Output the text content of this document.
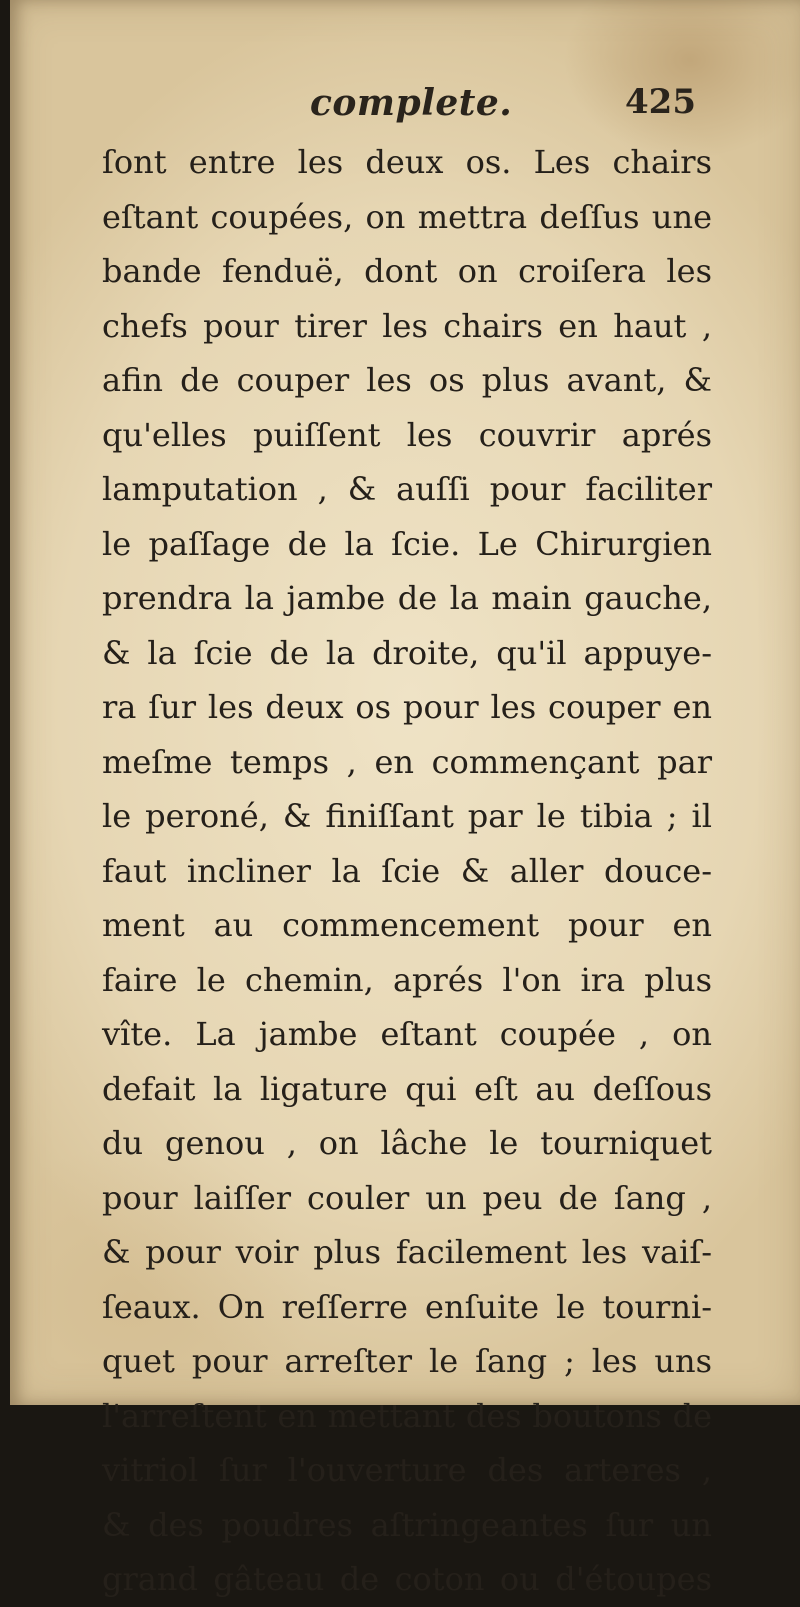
complete.	425
ſont entre les deux os. Les chairs
eſtant coupées, on mettra deſſus une
bande fenduë, dont on croiſera les
chefs pour tirer les chairs en haut ,
afin de couper les os plus avant, &
qu'elles puiſſent les couvrir aprés
lamputation , & auſſi pour faciliter
le paſſage de la ſcie. Le Chirurgien
prendra la jambe de la main gauche,
& la ſcie de la droite, qu'il appuye-
ra ſur les deux os pour les couper en
meſme temps , en commençant par
le peroné, & finiſſant par le tibia ; il
faut incliner la ſcie & aller douce-
ment au commencement pour en
faire le chemin, aprés l'on ira plus
vîte. La jambe eſtant coupée , on
defait la ligature qui eſt au deſſous
du genou , on lâche le tourniquet
pour laiſſer couler un peu de ſang ,
& pour voir plus facilement les vaiſ-
ſeaux. On reſſerre enſuite le tourni-
quet pour arreſter le ſang ; les uns
l'arreſtent en mettant des boutons de
vitriol ſur l'ouverture des arteres ,
& des poudres aſtringeantes ſur un
grand gâteau de coton ou d'étoupes
